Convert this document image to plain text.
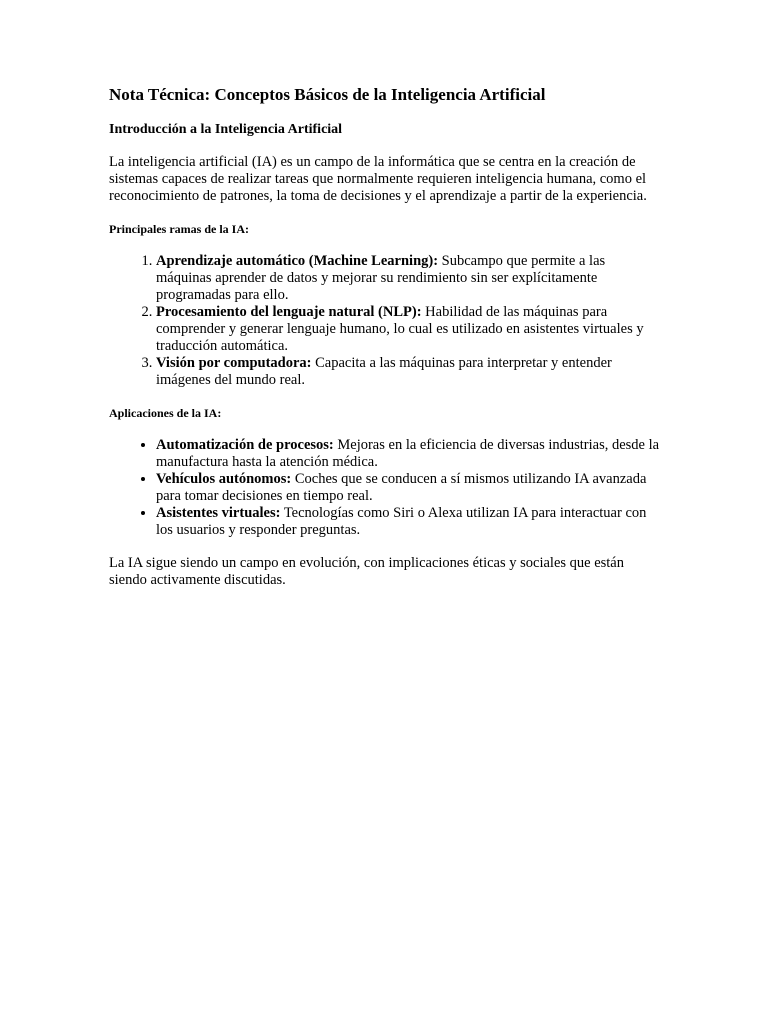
Nota Técnica: Conceptos Básicos de la Inteligencia Artificial
Introducción a la Inteligencia Artificial

La inteligencia artificial (IA) es un campo de la informática que se centra en la creación de sistemas capaces de realizar tareas que normalmente requieren inteligencia humana, como el reconocimiento de patrones, la toma de decisiones y el aprendizaje a partir de la experiencia.

Principales ramas de la IA:
1. Aprendizaje automático (Machine Learning): Subcampo que permite a las máquinas aprender de datos y mejorar su rendimiento sin ser explícitamente programadas para ello.
2. Procesamiento del lenguaje natural (NLP): Habilidad de las máquinas para comprender y generar lenguaje humano, lo cual es utilizado en asistentes virtuales y traducción automática.
3. Visión por computadora: Capacita a las máquinas para interpretar y entender imágenes del mundo real.
Aplicaciones de la IA:
• Automatización de procesos: Mejoras en la eficiencia de diversas industrias, desde la manufactura hasta la atención médica.
• Vehículos autónomos: Coches que se conducen a sí mismos utilizando IA avanzada para tomar decisiones en tiempo real.
• Asistentes virtuales: Tecnologías como Siri o Alexa utilizan IA para interactuar con los usuarios y responder preguntas.

La IA sigue siendo un campo en evolución, con implicaciones éticas y sociales que están siendo activamente discutidas.
